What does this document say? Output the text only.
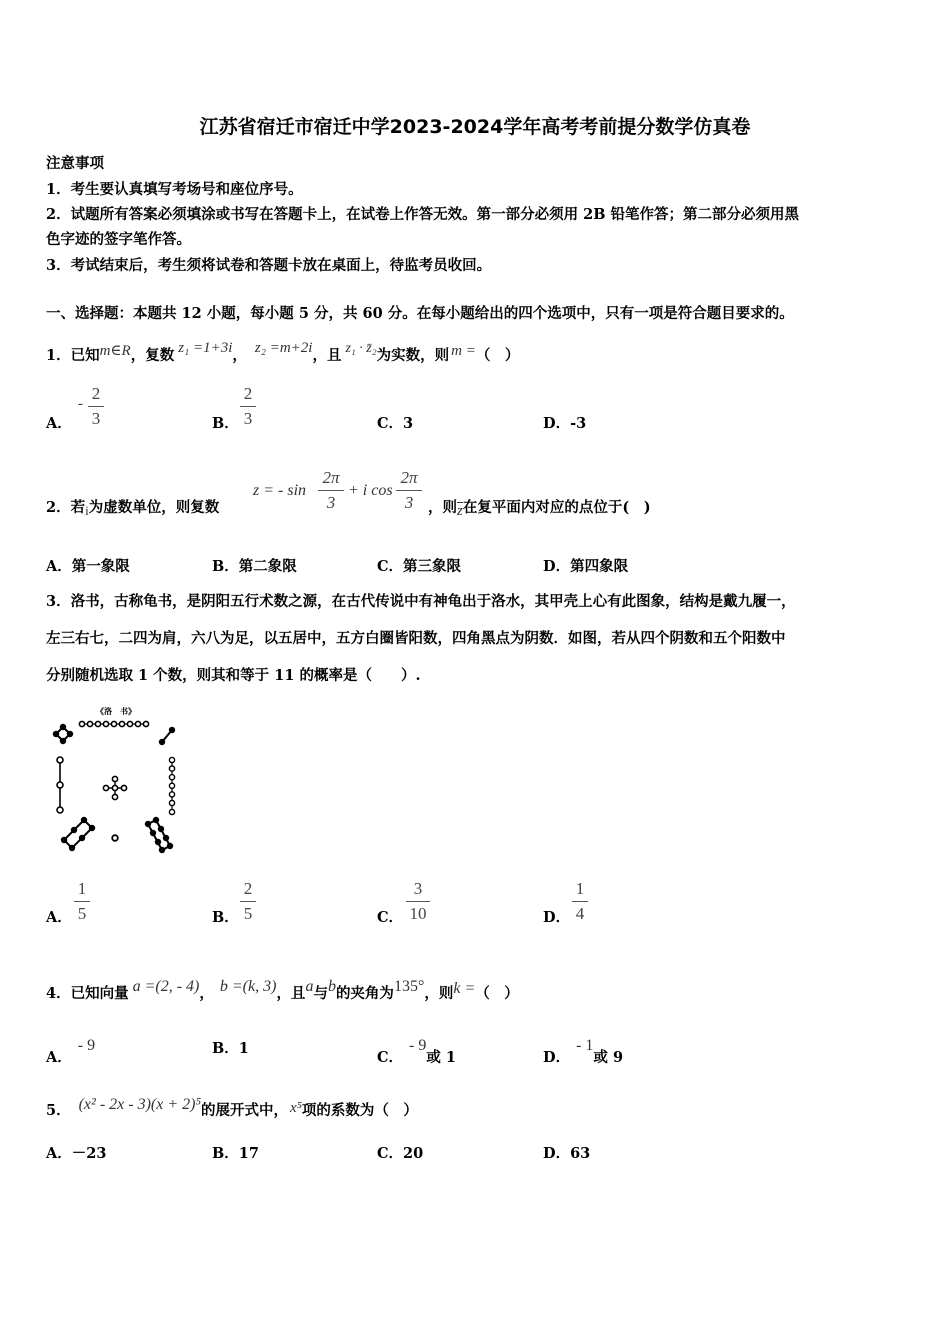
江苏省宿迁市宿迁中学2023-2024学年高考考前提分数学仿真卷
注意事项
1．考生要认真填写考场号和座位序号。
2．试题所有答案必须填涂或书写在答题卡上，在试卷上作答无效。第一部分必须用 2B 铅笔作答；第二部分必须用黑
色字迹的签字笔作答。
3．考试结束后，考生须将试卷和答题卡放在桌面上，待监考员收回。
一、选择题：本题共 12 小题，每小题 5 分，共 60 分。在每小题给出的四个选项中，只有一项是符合题目要求的。
1．已知m∈R，复数 z₁ =1+3i， z₂ =m+2i，且 z₁ · z̄₂为实数，则 m =（　）
A．
-
2
3	B．
2
3	C．3	D．-3
2．若i为虚数单位，则复数
z = - sin
2π
3
+ i cos
2π
3	，则$\overline{z}$在复平面内对应的点位于(　)
A．第一象限	B．第二象限	C．第三象限	D．第四象限
3．洛书，古称龟书，是阴阳五行术数之源，在古代传说中有神龟出于洛水，其甲壳上心有此图象，结构是戴九履一，
左三右七，二四为肩，六八为足，以五居中，五方白圈皆阳数，四角黑点为阴数．如图，若从四个阴数和五个阳数中
分别随机选取 1 个数，则其和等于 11 的概率是（　　）.
《洛　书》
A．
1
5	B．
2
5	C．
3
10	D．
1
4
4．已知向量 a =(2, - 4)， b =(k, 3)，且a与b的夹角为135°，则k =（　）
A．- 9	B．1
C．- 9或 1	D．- 1或 9
5． (x² - 2x - 3)(x + 2)⁵的展开式中， x⁵项的系数为（　）
A．－23	B．17	C．20	D．63
